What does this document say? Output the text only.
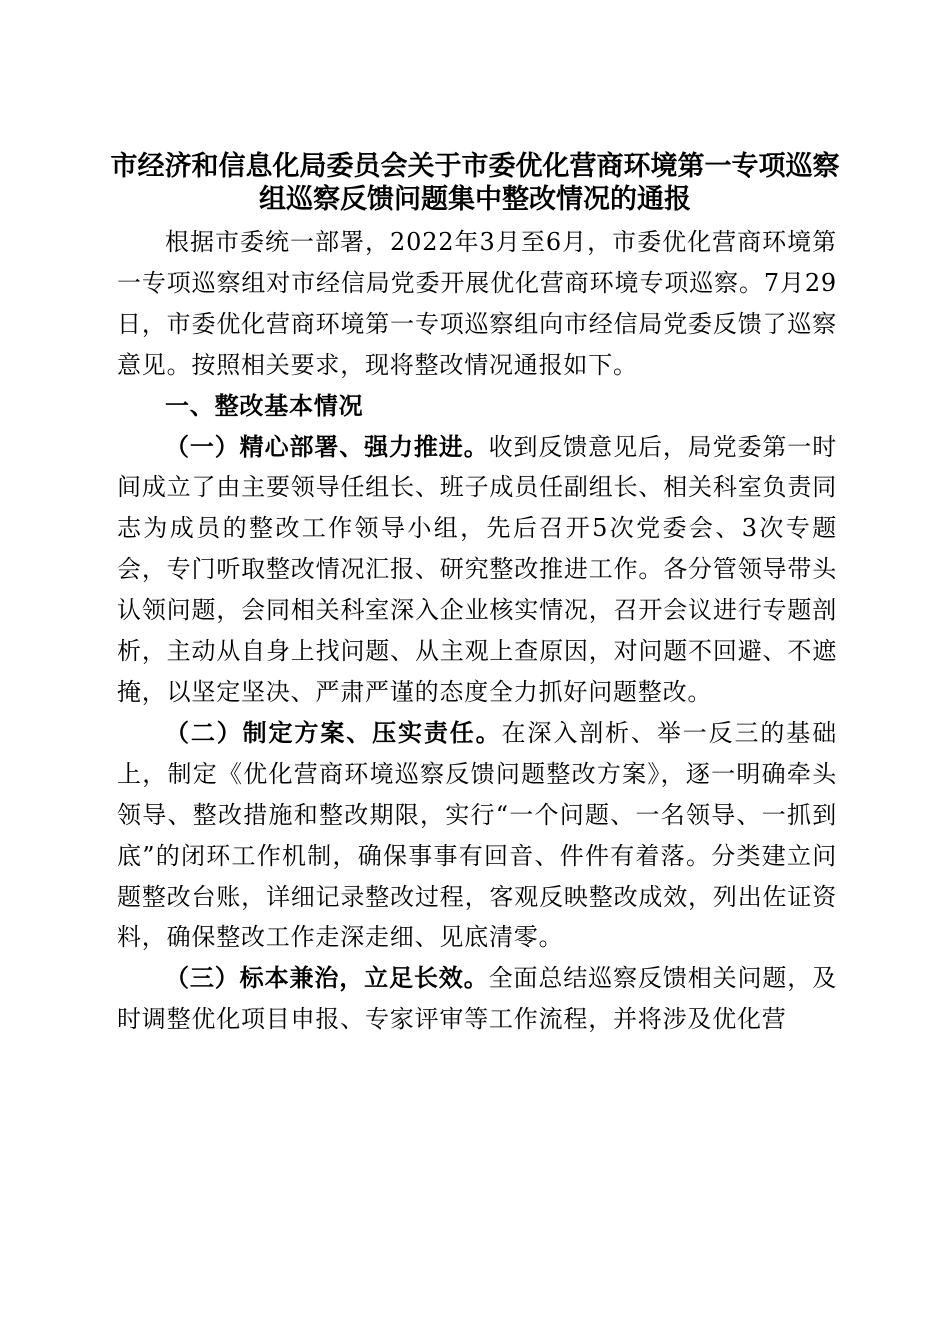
市经济和信息化局委员会关于市委优化营商环境第一专项巡察
组巡察反馈问题集中整改情况的通报

根据市委统一部署，2022年3月至6月，市委优化营商环境第一专项巡察组对市经信局党委开展优化营商环境专项巡察。7月29日，市委优化营商环境第一专项巡察组向市经信局党委反馈了巡察意见。按照相关要求，现将整改情况通报如下。

一、整改基本情况

（一）精心部署、强力推进。收到反馈意见后，局党委第一时间成立了由主要领导任组长、班子成员任副组长、相关科室负责同志为成员的整改工作领导小组，先后召开5次党委会、3次专题会，专门听取整改情况汇报、研究整改推进工作。各分管领导带头认领问题，会同相关科室深入企业核实情况，召开会议进行专题剖析，主动从自身上找问题、从主观上查原因，对问题不回避、不遮掩，以坚定坚决、严肃严谨的态度全力抓好问题整改。

（二）制定方案、压实责任。在深入剖析、举一反三的基础上，制定《优化营商环境巡察反馈问题整改方案》，逐一明确牵头领导、整改措施和整改期限，实行“一个问题、一名领导、一抓到底”的闭环工作机制，确保事事有回音、件件有着落。分类建立问题整改台账，详细记录整改过程，客观反映整改成效，列出佐证资料，确保整改工作走深走细、见底清零。

（三）标本兼治，立足长效。全面总结巡察反馈相关问题，及时调整优化项目申报、专家评审等工作流程，并将涉及优化营
